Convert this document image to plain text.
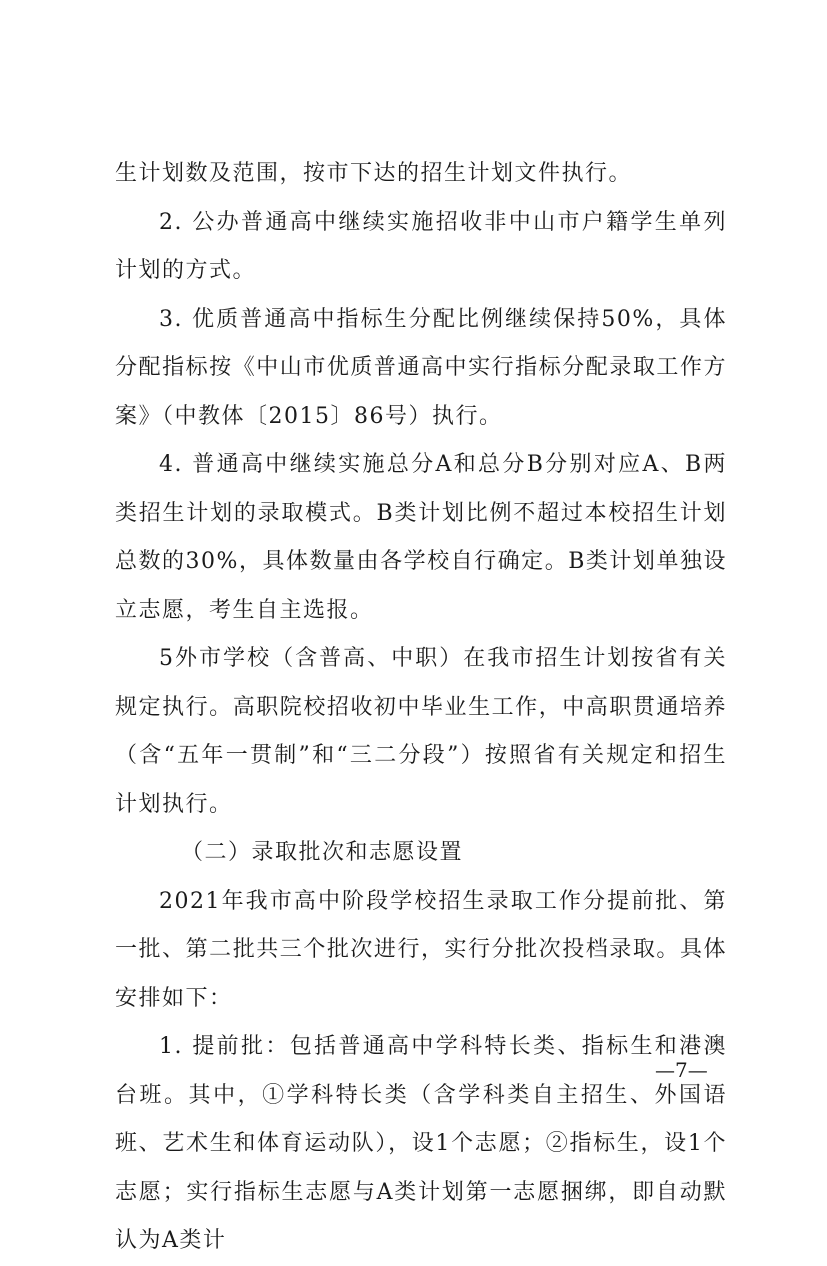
生计划数及范围，按市下达的招生计划文件执行。

2. 公办普通高中继续实施招收非中山市户籍学生单列计划的方式。

3. 优质普通高中指标生分配比例继续保持50%，具体分配指标按《中山市优质普通高中实行指标分配录取工作方案》（中教体〔2015〕86号）执行。

4. 普通高中继续实施总分A和总分B分别对应A、B两类招生计划的录取模式。B类计划比例不超过本校招生计划总数的30%，具体数量由各学校自行确定。B类计划单独设立志愿，考生自主选报。

5外市学校（含普高、中职）在我市招生计划按省有关规定执行。高职院校招收初中毕业生工作，中高职贯通培养（含“五年一贯制”和“三二分段”）按照省有关规定和招生计划执行。

（二）录取批次和志愿设置

2021年我市高中阶段学校招生录取工作分提前批、第一批、第二批共三个批次进行，实行分批次投档录取。具体安排如下：

1. 提前批：包括普通高中学科特长类、指标生和港澳台班。其中，①学科特长类（含学科类自主招生、外国语班、艺术生和体育运动队），设1个志愿；②指标生，设1个志愿；实行指标生志愿与A类计划第一志愿捆绑，即自动默认为A类计

—7—
